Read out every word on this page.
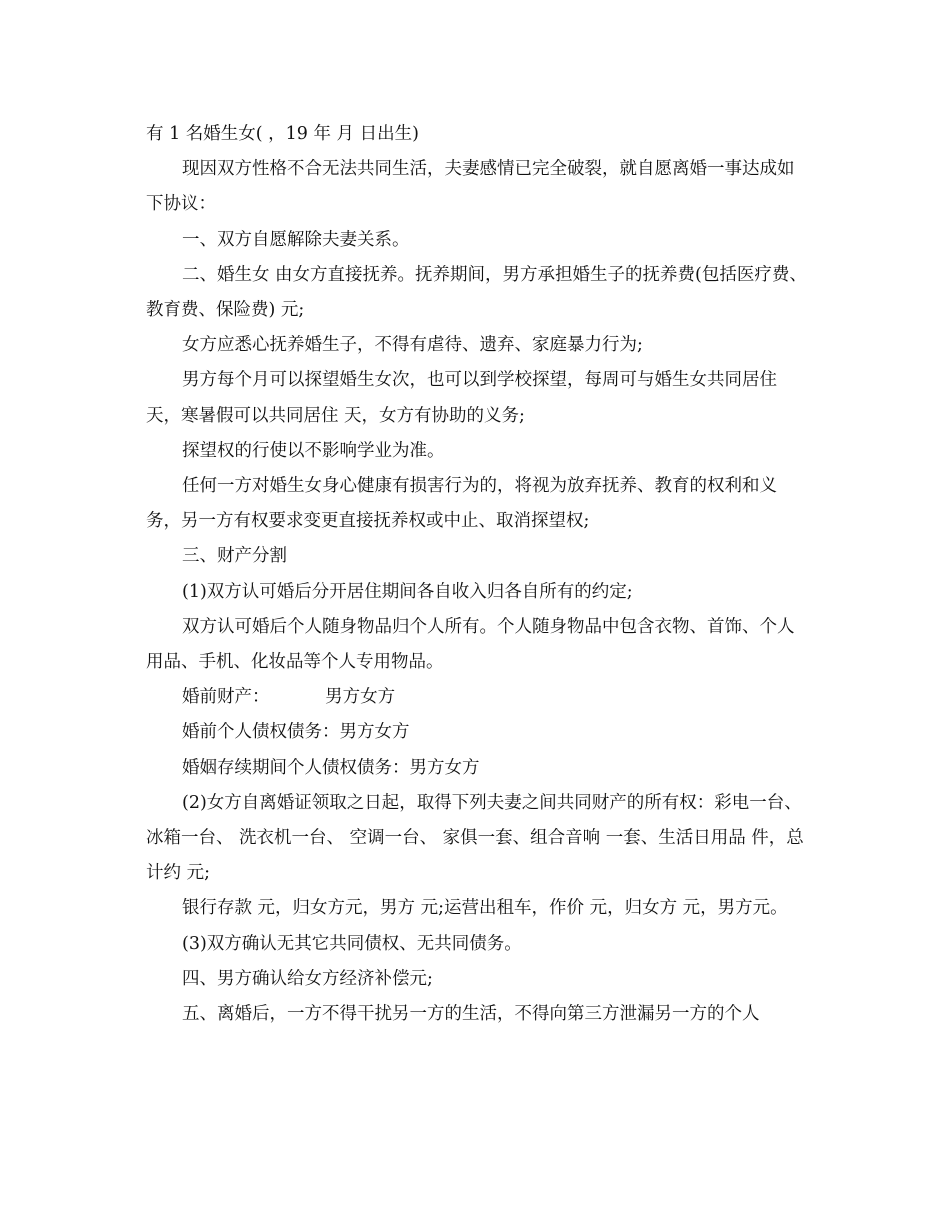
有 1 名婚生女( ，19 年 月 日出生)

现因双方性格不合无法共同生活，夫妻感情已完全破裂，就自愿离婚一事达成如下协议：

一、双方自愿解除夫妻关系。

二、婚生女 由女方直接抚养。抚养期间，男方承担婚生子的抚养费(包括医疗费、教育费、保险费) 元;

女方应悉心抚养婚生子，不得有虐待、遗弃、家庭暴力行为;

男方每个月可以探望婚生女次，也可以到学校探望，每周可与婚生女共同居住 天，寒暑假可以共同居住 天，女方有协助的义务;

探望权的行使以不影响学业为准。

任何一方对婚生女身心健康有损害行为的，将视为放弃抚养、教育的权利和义务，另一方有权要求变更直接抚养权或中止、取消探望权;

三、财产分割

(1)双方认可婚后分开居住期间各自收入归各自所有的约定;

双方认可婚后个人随身物品归个人所有。个人随身物品中包含衣物、首饰、个人用品、手机、化妆品等个人专用物品。

婚前财产：          男方女方

婚前个人债权债务：男方女方

婚姻存续期间个人债权债务：男方女方

(2)女方自离婚证领取之日起，取得下列夫妻之间共同财产的所有权：彩电一台、 冰箱一台、 洗衣机一台、 空调一台、 家俱一套、组合音响 一套、生活日用品 件，总计约 元;

银行存款 元，归女方元，男方 元;运营出租车，作价 元，归女方 元，男方元。

(3)双方确认无其它共同债权、无共同债务。

四、男方确认给女方经济补偿元;

五、离婚后，一方不得干扰另一方的生活，不得向第三方泄漏另一方的个人
